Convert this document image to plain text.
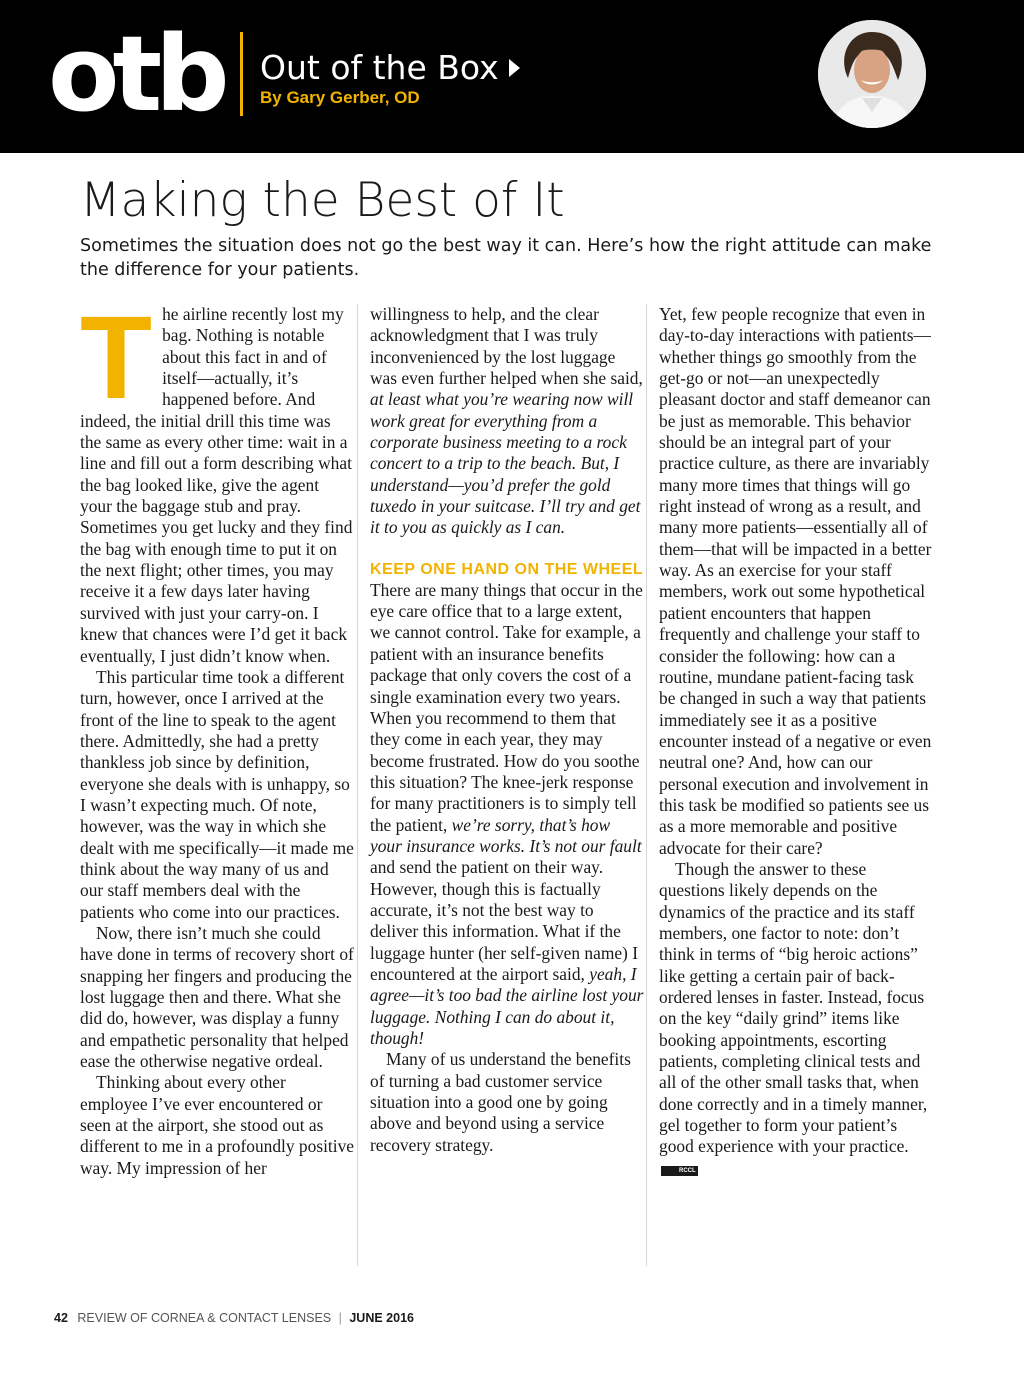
otb Out of the Box
By Gary Gerber, OD
Making the Best of It
Sometimes the situation does not go the best way it can. Here’s how the right attitude can make the difference for your patients.

The airline recently lost my bag. Nothing is notable about this fact in and of itself—actually, it’s happened before. And indeed, the initial drill this time was the same as every other time: wait in a line and fill out a form describing what the bag looked like, give the agent your the baggage stub and pray. Sometimes you get lucky and they find the bag with enough time to put it on the next flight; other times, you may receive it a few days later having survived with just your carry-on. I knew that chances were I’d get it back eventually, I just didn’t know when.

This particular time took a different turn, however, once I arrived at the front of the line to speak to the agent there. Admittedly, she had a pretty thankless job since by definition, everyone she deals with is unhappy, so I wasn’t expecting much. Of note, however, was the way in which she dealt with me specifically—it made me think about the way many of us and our staff members deal with the patients who come into our practices.

Now, there isn’t much she could have done in terms of recovery short of snapping her fingers and producing the lost luggage then and there. What she did do, however, was display a funny and empathetic personality that helped ease the otherwise negative ordeal.

Thinking about every other employee I’ve ever encountered or seen at the airport, she stood out as different to me in a profoundly positive way. My impression of her

willingness to help, and the clear acknowledgment that I was truly inconvenienced by the lost luggage was even further helped when she said, at least what you’re wearing now will work great for everything from a corporate business meeting to a rock concert to a trip to the beach. But, I understand—you’d prefer the gold tuxedo in your suitcase. I’ll try and get it to you as quickly as I can.

KEEP ONE HAND ON THE WHEEL

There are many things that occur in the eye care office that to a large extent, we cannot control. Take for example, a patient with an insurance benefits package that only covers the cost of a single examination every two years. When you recommend to them that they come in each year, they may become frustrated. How do you soothe this situation? The knee-jerk response for many practitioners is to simply tell the patient, we’re sorry, that’s how your insurance works. It’s not our fault and send the patient on their way. However, though this is factually accurate, it’s not the best way to deliver this information. What if the luggage hunter (her self-given name) I encountered at the airport said, yeah, I agree—it’s too bad the airline lost your luggage. Nothing I can do about it, though!

Many of us understand the benefits of turning a bad customer service situation into a good one by going above and beyond using a service recovery strategy.

Yet, few people recognize that even in day-to-day interactions with patients—whether things go smoothly from the get-go or not—an unexpectedly pleasant doctor and staff demeanor can be just as memorable. This behavior should be an integral part of your practice culture, as there are invariably many more times that things will go right instead of wrong as a result, and many more patients—essentially all of them—that will be impacted in a better way. As an exercise for your staff members, work out some hypothetical patient encounters that happen frequently and challenge your staff to consider the following: how can a routine, mundane patient-facing task be changed in such a way that patients immediately see it as a positive encounter instead of a negative or even neutral one? And, how can our personal execution and involvement in this task be modified so patients see us as a more memorable and positive advocate for their care?

Though the answer to these questions likely depends on the dynamics of the practice and its staff members, one factor to note: don’t think in terms of “big heroic actions” like getting a certain pair of back-ordered lenses in faster. Instead, focus on the key “daily grind” items like booking appointments, escorting patients, completing clinical tests and all of the other small tasks that, when done correctly and in a timely manner, gel together to form your patient’s good experience with your practice. RCCL

42 REVIEW OF CORNEA & CONTACT LENSES | JUNE 2016
